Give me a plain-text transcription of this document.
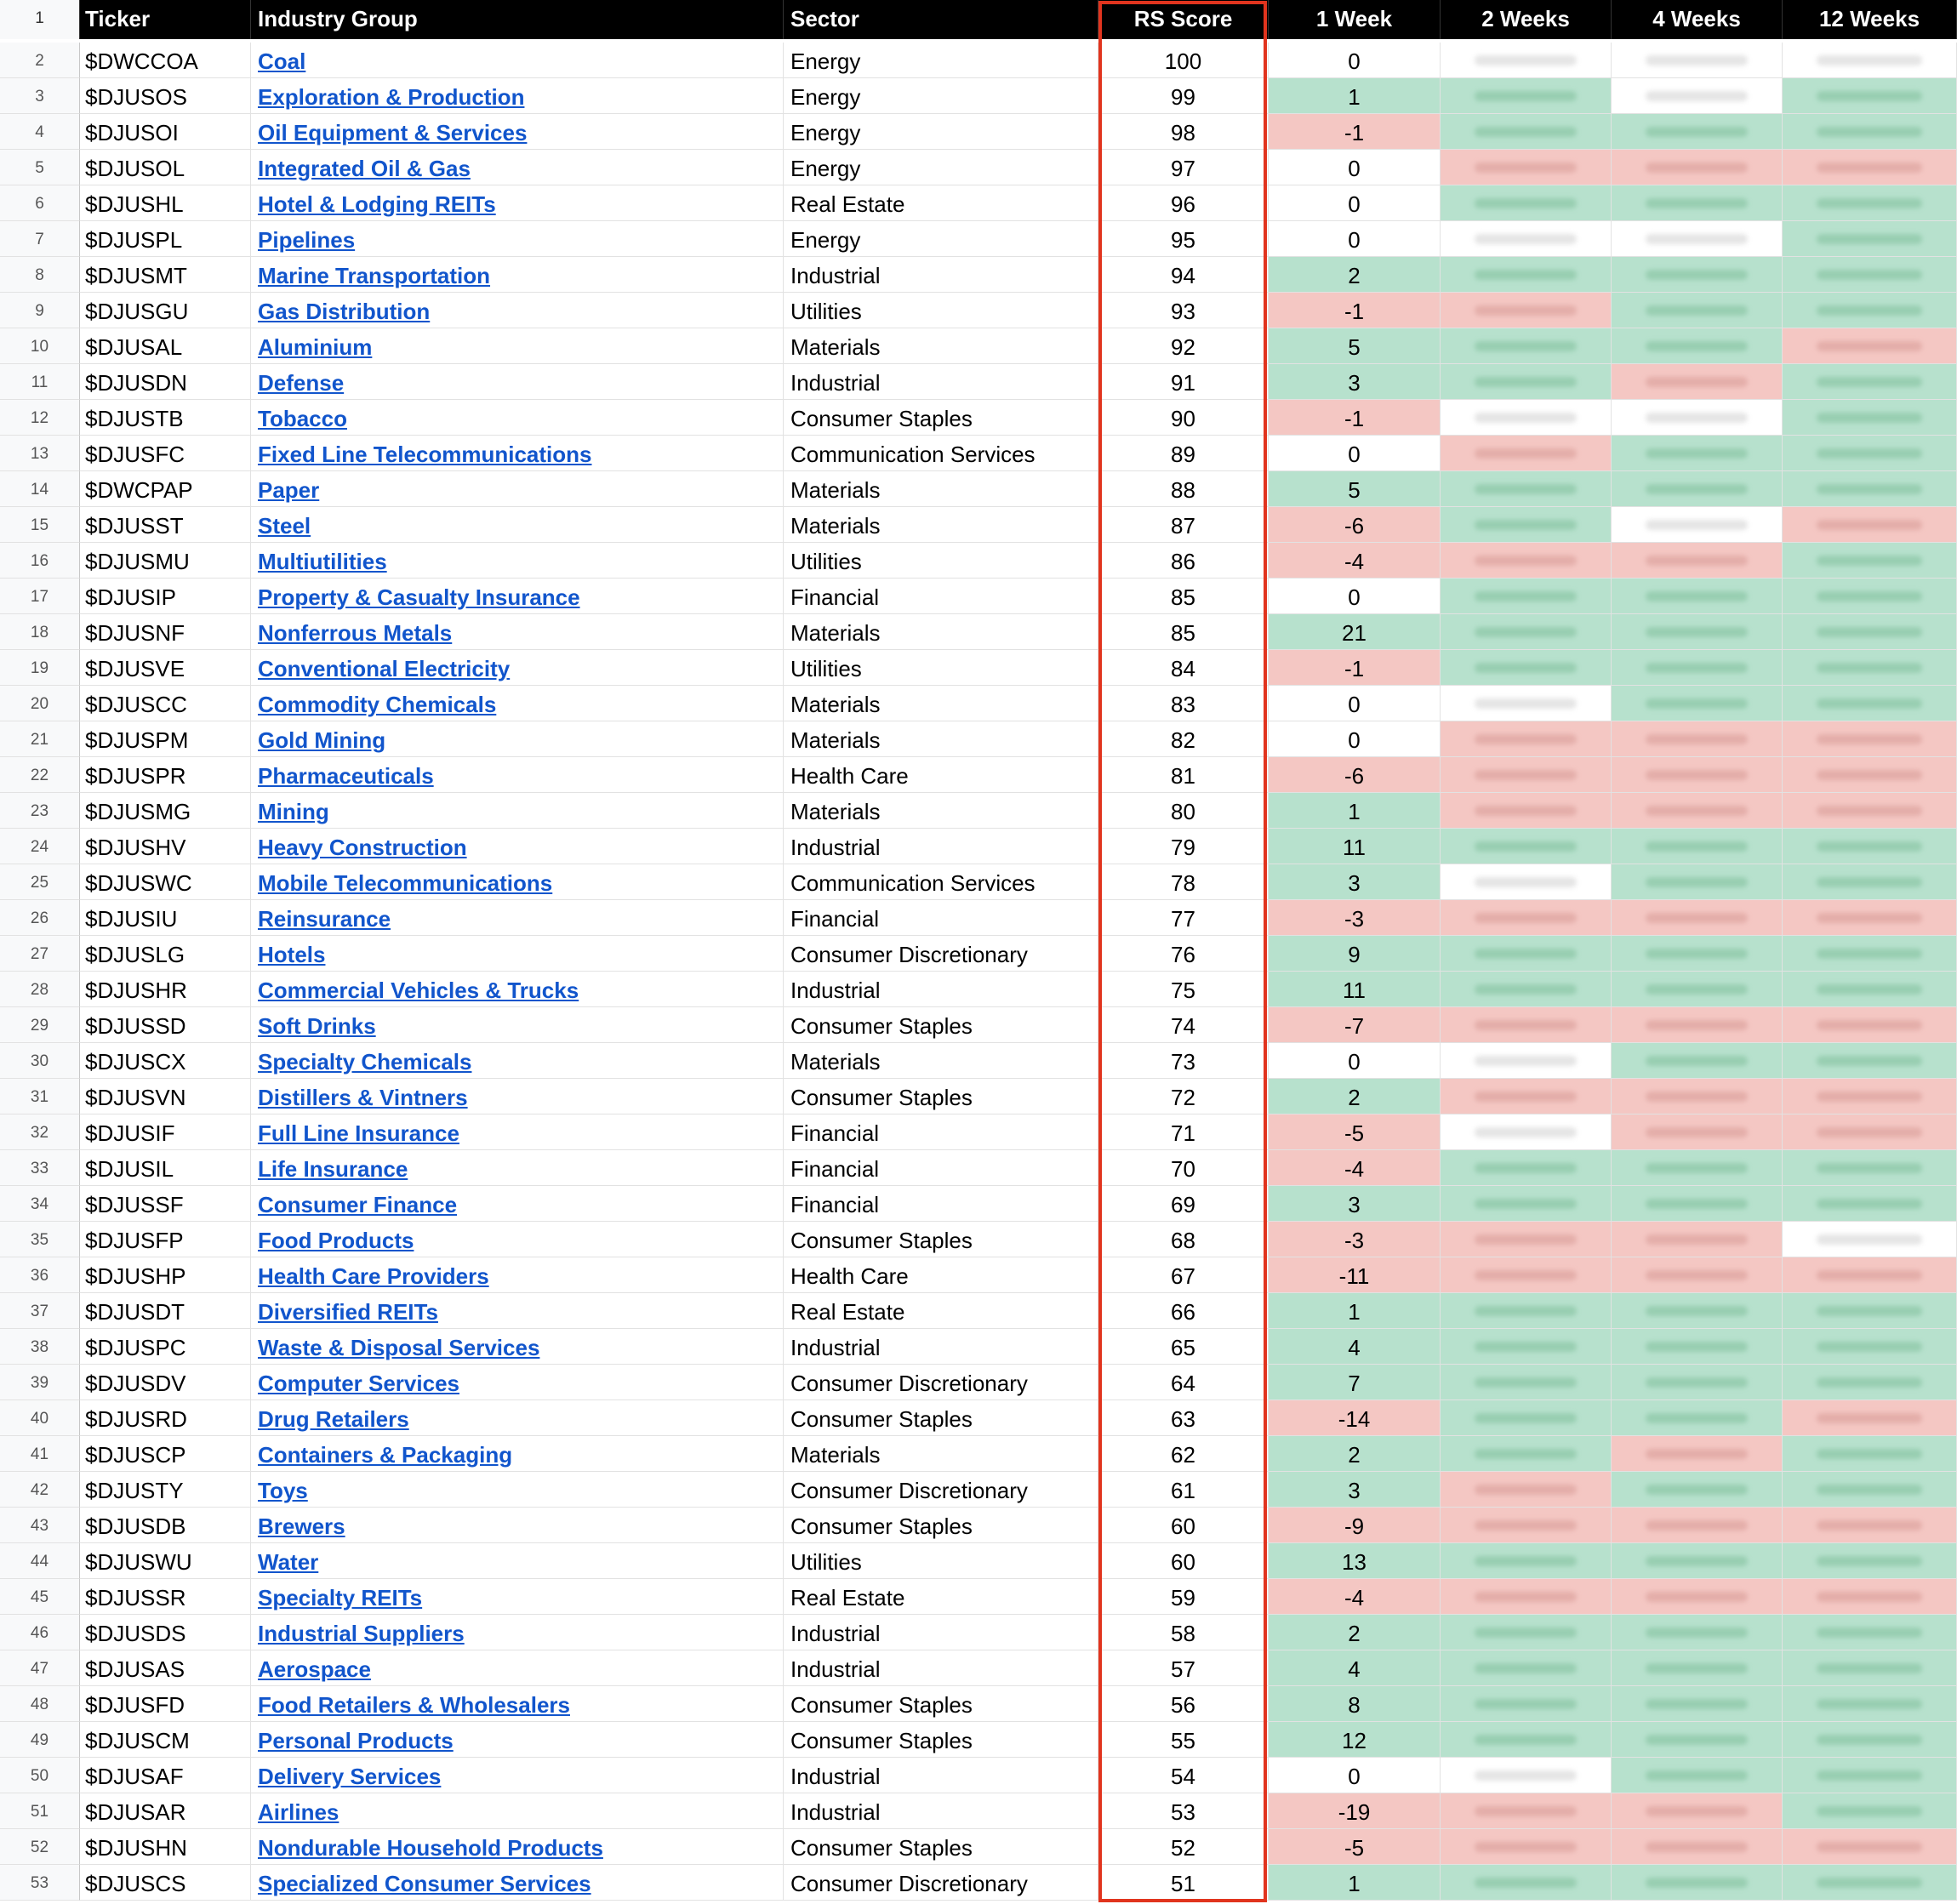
1	Ticker	Industry Group	Sector	RS Score	1 Week	2 Weeks	4 Weeks	12 Weeks
2	$DWCCOA	Coal	Energy	100	0
3	$DJUSOS	Exploration & Production	Energy	99	1
4	$DJUSOI	Oil Equipment & Services	Energy	98	-1
5	$DJUSOL	Integrated Oil & Gas	Energy	97	0
6	$DJUSHL	Hotel & Lodging REITs	Real Estate	96	0
7	$DJUSPL	Pipelines	Energy	95	0
8	$DJUSMT	Marine Transportation	Industrial	94	2
9	$DJUSGU	Gas Distribution	Utilities	93	-1
10	$DJUSAL	Aluminium	Materials	92	5
11	$DJUSDN	Defense	Industrial	91	3
12	$DJUSTB	Tobacco	Consumer Staples	90	-1
13	$DJUSFC	Fixed Line Telecommunications	Communication Services	89	0
14	$DWCPAP	Paper	Materials	88	5
15	$DJUSST	Steel	Materials	87	-6
16	$DJUSMU	Multiutilities	Utilities	86	-4
17	$DJUSIP	Property & Casualty Insurance	Financial	85	0
18	$DJUSNF	Nonferrous Metals	Materials	85	21
19	$DJUSVE	Conventional Electricity	Utilities	84	-1
20	$DJUSCC	Commodity Chemicals	Materials	83	0
21	$DJUSPM	Gold Mining	Materials	82	0
22	$DJUSPR	Pharmaceuticals	Health Care	81	-6
23	$DJUSMG	Mining	Materials	80	1
24	$DJUSHV	Heavy Construction	Industrial	79	11
25	$DJUSWC	Mobile Telecommunications	Communication Services	78	3
26	$DJUSIU	Reinsurance	Financial	77	-3
27	$DJUSLG	Hotels	Consumer Discretionary	76	9
28	$DJUSHR	Commercial Vehicles & Trucks	Industrial	75	11
29	$DJUSSD	Soft Drinks	Consumer Staples	74	-7
30	$DJUSCX	Specialty Chemicals	Materials	73	0
31	$DJUSVN	Distillers & Vintners	Consumer Staples	72	2
32	$DJUSIF	Full Line Insurance	Financial	71	-5
33	$DJUSIL	Life Insurance	Financial	70	-4
34	$DJUSSF	Consumer Finance	Financial	69	3
35	$DJUSFP	Food Products	Consumer Staples	68	-3
36	$DJUSHP	Health Care Providers	Health Care	67	-11
37	$DJUSDT	Diversified REITs	Real Estate	66	1
38	$DJUSPC	Waste & Disposal Services	Industrial	65	4
39	$DJUSDV	Computer Services	Consumer Discretionary	64	7
40	$DJUSRD	Drug Retailers	Consumer Staples	63	-14
41	$DJUSCP	Containers & Packaging	Materials	62	2
42	$DJUSTY	Toys	Consumer Discretionary	61	3
43	$DJUSDB	Brewers	Consumer Staples	60	-9
44	$DJUSWU	Water	Utilities	60	13
45	$DJUSSR	Specialty REITs	Real Estate	59	-4
46	$DJUSDS	Industrial Suppliers	Industrial	58	2
47	$DJUSAS	Aerospace	Industrial	57	4
48	$DJUSFD	Food Retailers & Wholesalers	Consumer Staples	56	8
49	$DJUSCM	Personal Products	Consumer Staples	55	12
50	$DJUSAF	Delivery Services	Industrial	54	0
51	$DJUSAR	Airlines	Industrial	53	-19
52	$DJUSHN	Nondurable Household Products	Consumer Staples	52	-5
53	$DJUSCS	Specialized Consumer Services	Consumer Discretionary	51	1
